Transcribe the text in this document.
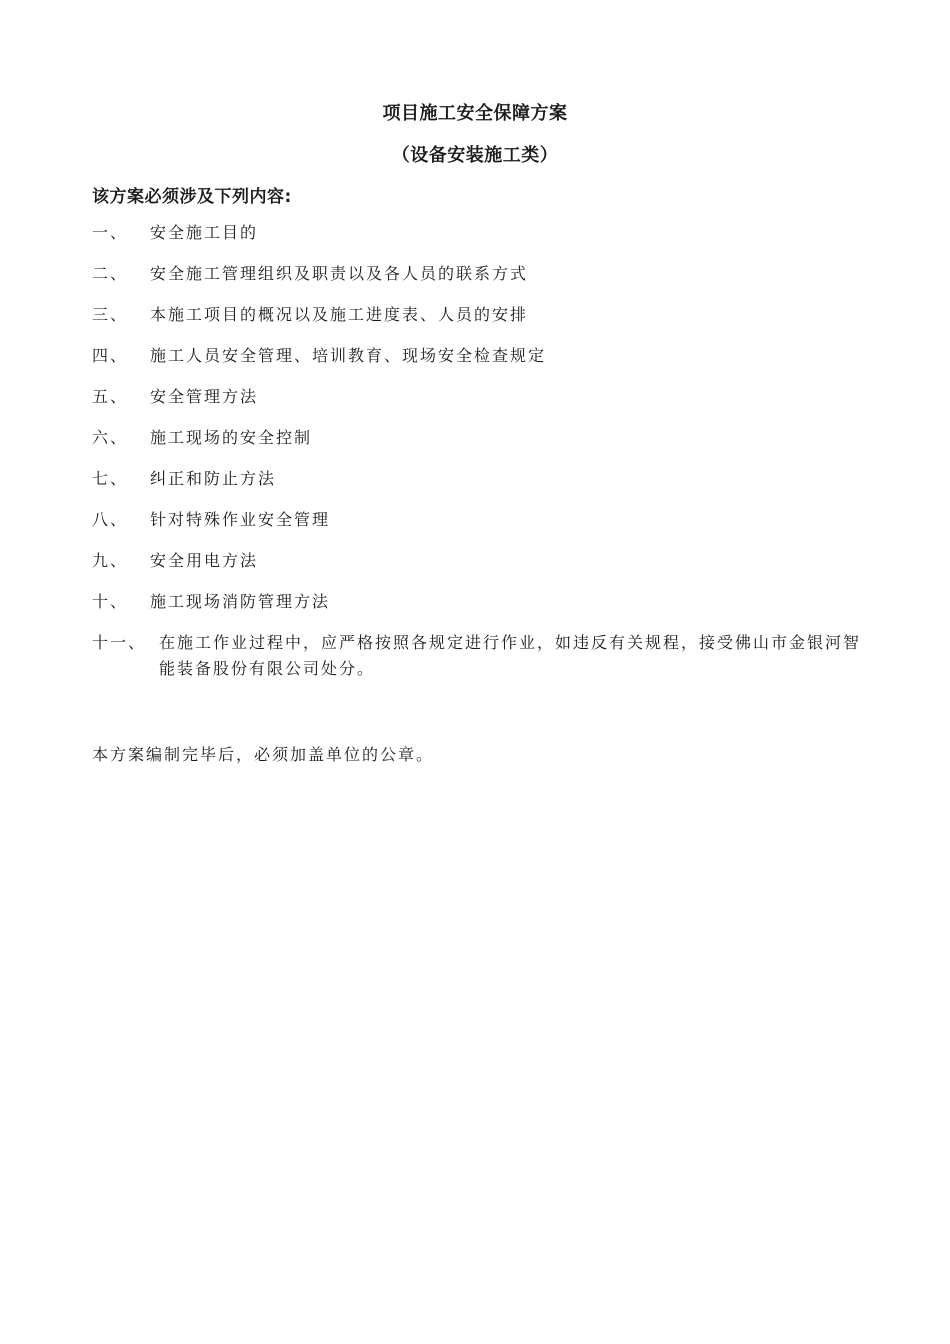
项目施工安全保障方案
（设备安装施工类）
该方案必须涉及下列内容:
一、	安全施工目的
二、	安全施工管理组织及职责以及各人员的联系方式
三、	本施工项目的概况以及施工进度表、人员的安排
四、	施工人员安全管理、培训教育、现场安全检查规定
五、	安全管理方法
六、	施工现场的安全控制
七、	纠正和防止方法
八、	针对特殊作业安全管理
九、	安全用电方法
十、	施工现场消防管理方法
十一、 在施工作业过程中，应严格按照各规定进行作业，如违反有关规程，接受佛山市金银河智能装备股份有限公司处分。
本方案编制完毕后，必须加盖单位的公章。
